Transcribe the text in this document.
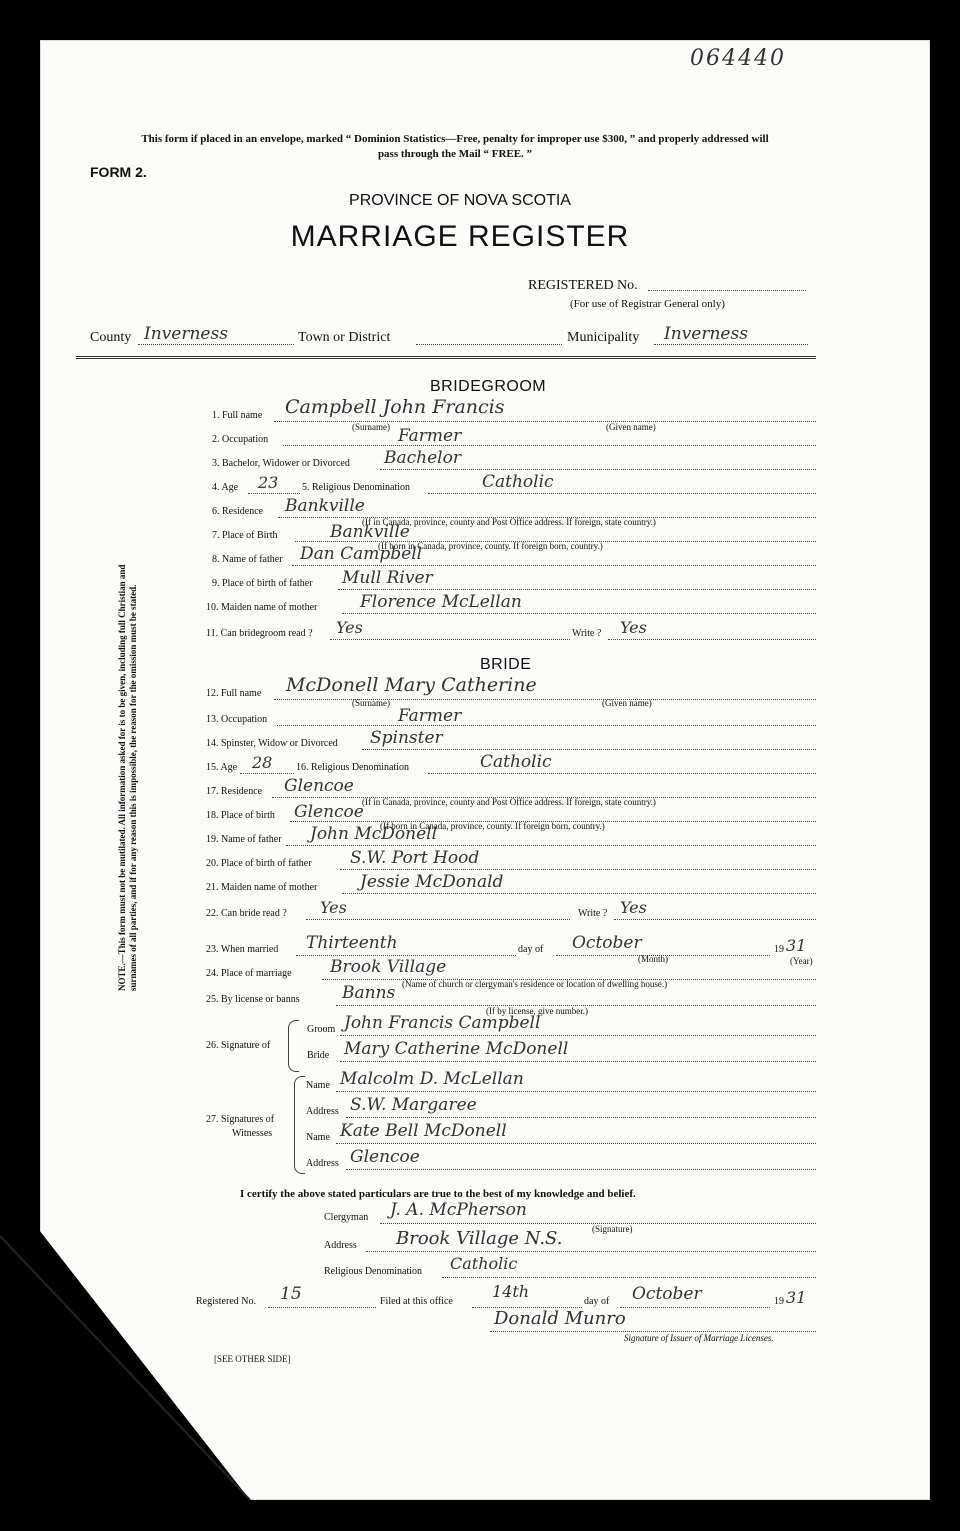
064440
This form if placed in an envelope, marked “ Dominion Statistics—Free, penalty for improper use $300, ” and properly addressed will pass through the Mail “ FREE. ”
FORM 2.
PROVINCE OF NOVA SCOTIA
MARRIAGE REGISTER
REGISTERED No.
(For use of Registrar General only)
County Inverness	Town or District	Municipality Inverness
NOTE.—This form must not be mutilated. All information asked for is to be given, including full Christian and surnames of all parties, and if for any reason this is impossible, the reason for the omission must be stated.
BRIDEGROOM
1. Full name Campbell John Francis
(Surname)	(Given name)
2. Occupation	Farmer
3. Bachelor, Widower or Divorced Bachelor
4. Age 23 5. Religious Denomination	Catholic
6. Residence Bankville
(If in Canada, province, county and Post Office address. If foreign, state country.)
7. Place of Birth	Bankville
(If born in Canada, province, county. If foreign born, country.)
8. Name of father Dan Campbell
9. Place of birth of father Mull River
10. Maiden name of mother	Florence McLellan
11. Can bridegroom read ? Yes	Write ? Yes
BRIDE
12. Full name McDonell Mary Catherine
(Surname)	(Given name)
13. Occupation	Farmer
14. Spinster, Widow or Divorced Spinster
15. Age 28 16. Religious Denomination	Catholic
17. Residence Glencoe
(If in Canada, province, county and Post Office address. If foreign, state country.)
18. Place of birth Glencoe
(If born in Canada, province, county. If foreign born, country.)
19. Name of father John McDonell
20. Place of birth of father S.W. Port Hood
21. Maiden name of mother	Jessie McDonald
22. Can bride read ? Yes	Write ? Yes
23. When married Thirteenth	day of October
(Month)
19 31
(Year)
24. Place of marriage Brook Village
(Name of church or clergyman's residence or location of dwelling house.)
25. By license or banns Banns
(If by license, give number.)
26. Signature of
Groom John Francis Campbell
Bride Mary Catherine McDonell
27. Signatures of
Witnesses
Name Malcolm D. McLellan
Address S.W. Margaree
Name Kate Bell McDonell
Address Glencoe
I certify the above stated particulars are true to the best of my knowledge and belief.
Clergyman J. A. McPherson
(Signature)
Address Brook Village N.S.
Religious Denomination Catholic
Registered No. 15	Filed at this office
14th
day of October	19 31
Donald Munro
Signature of Issuer of Marriage Licenses.
[SEE OTHER SIDE]
